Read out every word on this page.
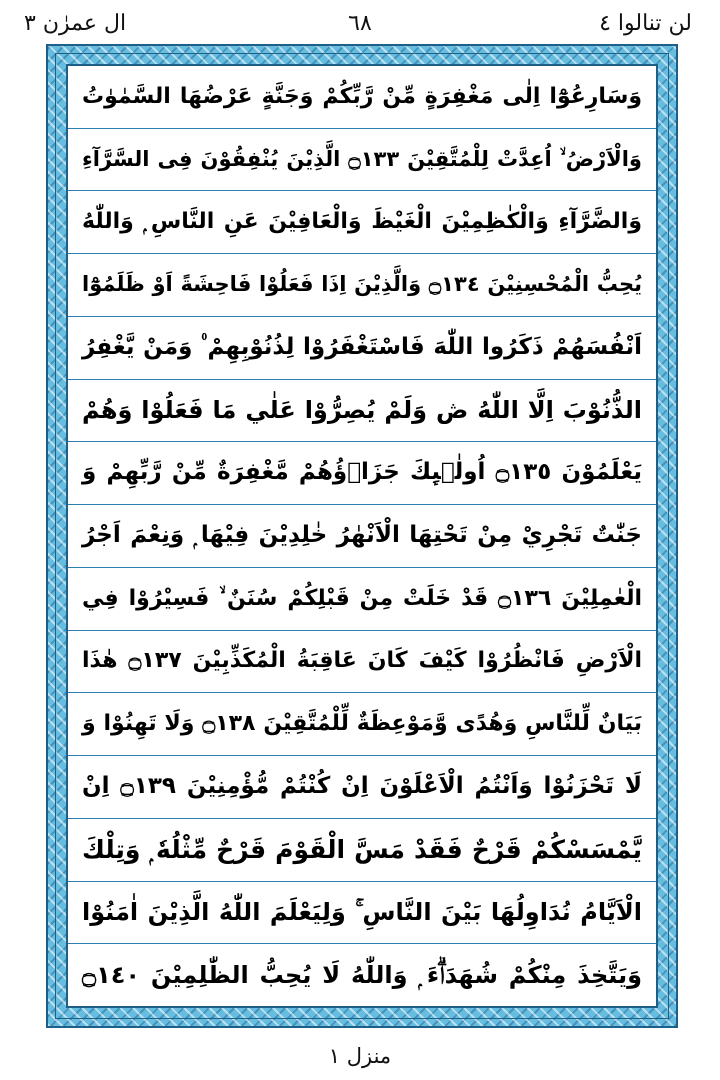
لن تنالوا ٤
٦٨
ال عمرٰن ٣
وَسَارِعُوْٓا اِلٰى مَغْفِرَةٍ مِّنْ رَّبِّكُمْ وَجَنَّةٍ عَرْضُهَا السَّمٰوٰتُ
وَالْاَرْضُ ۙ اُعِدَّتْ لِلْمُتَّقِيْنَ ۝١٣٣ الَّذِيْنَ يُنْفِقُوْنَ فِى السَّرَّآءِ
وَالضَّرَّآءِ وَالْكٰظِمِيْنَ الْغَيْظَ وَالْعَافِيْنَ عَنِ النَّاسِ ۭ وَاللّٰهُ
يُحِبُّ الْمُحْسِنِيْنَ ۝١٣٤ وَالَّذِيْنَ اِذَا فَعَلُوْا فَاحِشَةً اَوْ ظَلَمُوْٓا
اَنْفُسَھُمْ ذَكَرُوا اللّٰهَ فَاسْتَغْفَرُوْا لِذُنُوْبِهِمْ ۠ وَمَنْ يَّغْفِرُ
الذُّنُوْبَ اِلَّا اللّٰهُ ڞ وَلَمْ يُصِرُّوْا عَلٰي مَا فَعَلُوْا وَھُمْ
يَعْلَمُوْنَ ۝١٣٥ اُولٰۗىِٕكَ جَزَاۗؤُھُمْ مَّغْفِرَةٌ مِّنْ رَّبِّهِمْ وَ
جَنّٰتٌ تَجْرِيْ مِنْ تَحْتِهَا الْاَنْهٰرُ خٰلِدِيْنَ فِيْهَا ۭ وَنِعْمَ اَجْرُ
الْعٰمِلِيْنَ ۝١٣٦ قَدْ خَلَتْ مِنْ قَبْلِكُمْ سُنَنٌ ۙ فَسِيْرُوْا فِي
الْاَرْضِ فَانْظُرُوْا كَيْفَ كَانَ عَاقِبَةُ الْمُكَذِّبِيْنَ ۝١٣٧ ھٰذَا
بَيَانٌ لِّلنَّاسِ وَھُدًى وَّمَوْعِظَةٌ لِّلْمُتَّقِيْنَ ۝١٣٨ وَلَا تَهِنُوْا وَ
لَا تَحْزَنُوْا وَاَنْتُمُ الْاَعْلَوْنَ اِنْ كُنْتُمْ مُّؤْمِنِيْنَ ۝١٣٩ اِنْ
يَّمْسَسْكُمْ قَرْحٌ فَقَدْ مَسَّ الْقَوْمَ قَرْحٌ مِّثْلُهٗ ۭ وَتِلْكَ
الْاَيَّامُ نُدَاوِلُهَا بَيْنَ النَّاسِ ۚ وَلِيَعْلَمَ اللّٰهُ الَّذِيْنَ اٰمَنُوْا
وَيَتَّخِذَ مِنْكُمْ شُهَدَاۗءَ ۭ وَاللّٰهُ لَا يُحِبُّ الظّٰلِمِيْنَ ۝١٤٠
منزل ١
